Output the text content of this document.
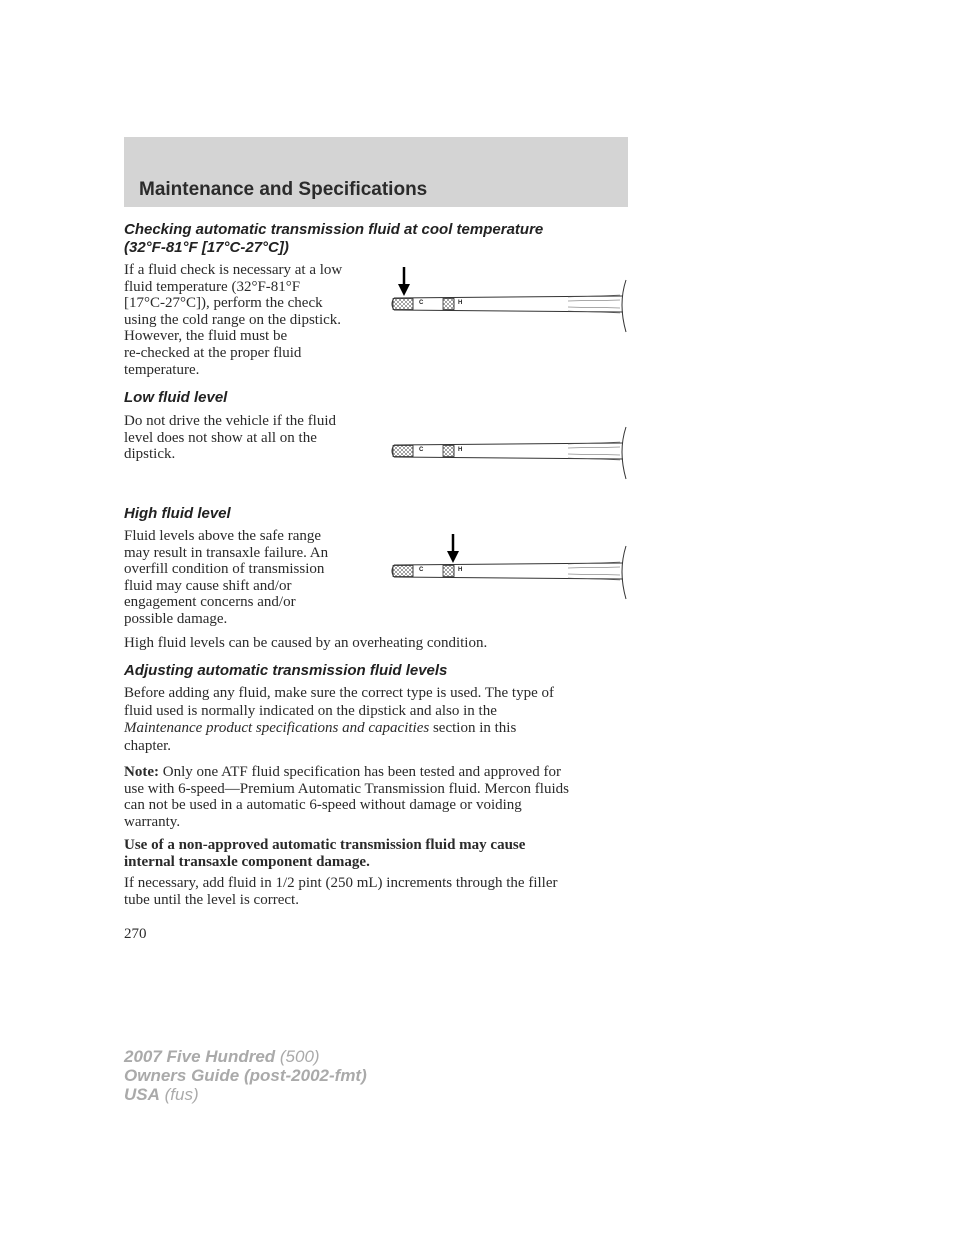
Maintenance and Specifications
Checking automatic transmission fluid at cool temperature
(32°F-81°F [17°C-27°C])
If a fluid check is necessary at a low
fluid temperature (32°F-81°F
[17°C-27°C]), perform the check
using the cold range on the dipstick.
However, the fluid must be
re-checked at the proper fluid
temperature.
C	H
Low fluid level
Do not drive the vehicle if the fluid
level does not show at all on the
dipstick.	C	H
High fluid level
Fluid levels above the safe range
may result in transaxle failure. An
overfill condition of transmission
fluid may cause shift and/or
engagement concerns and/or
possible damage.
C	H
High fluid levels can be caused by an overheating condition.
Adjusting automatic transmission fluid levels
Before adding any fluid, make sure the correct type is used. The type of
fluid used is normally indicated on the dipstick and also in the
Maintenance product specifications and capacities section in this
chapter.
Note: Only one ATF fluid specification has been tested and approved for
use with 6-speed—Premium Automatic Transmission fluid. Mercon fluids
can not be used in a automatic 6-speed without damage or voiding
warranty.
Use of a non-approved automatic transmission fluid may cause
internal transaxle component damage.
If necessary, add fluid in 1/2 pint (250 mL) increments through the filler
tube until the level is correct.
270
2007 Five Hundred (500)
Owners Guide (post-2002-fmt)
USA (fus)
